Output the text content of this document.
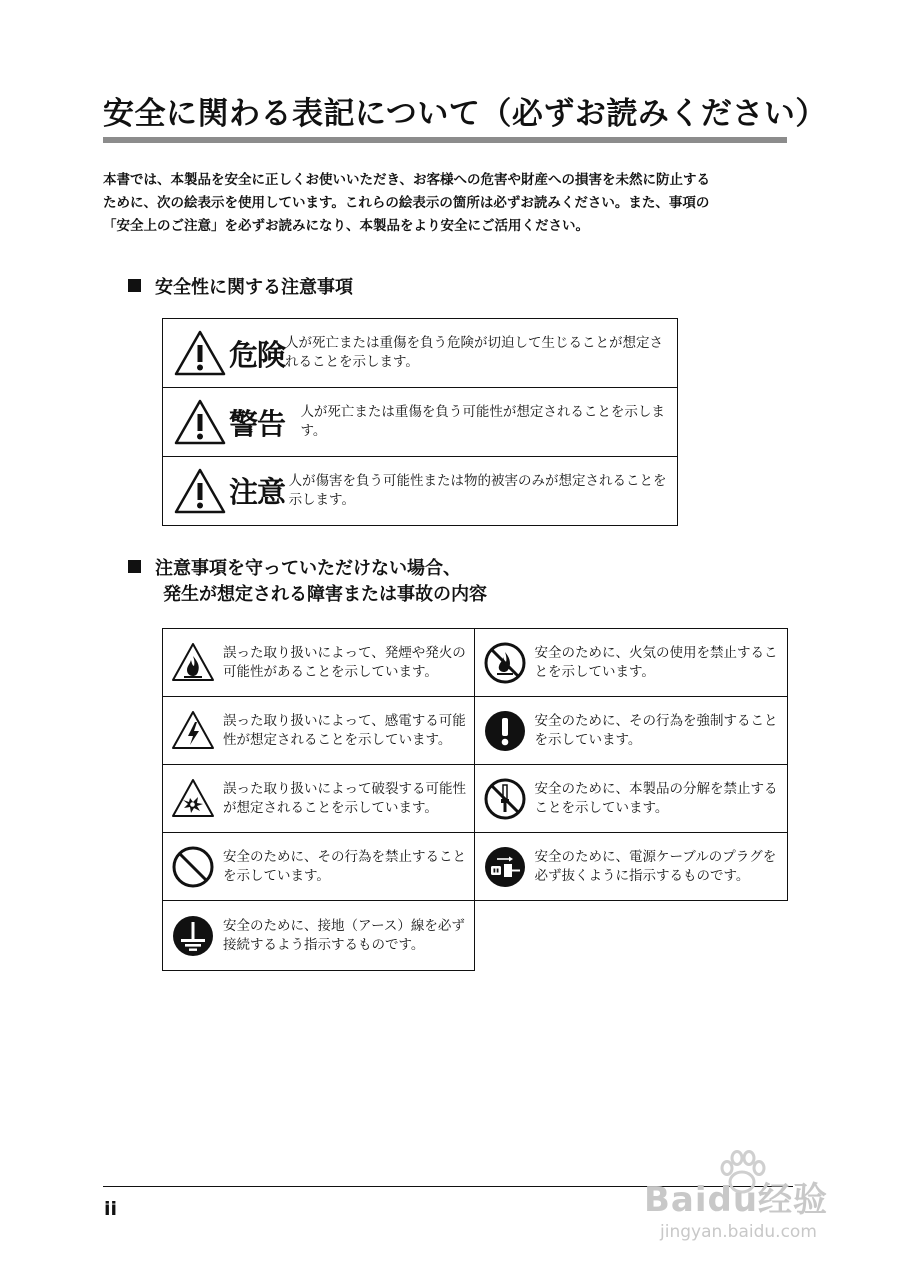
安全に関わる表記について（必ずお読みください）

本書では、本製品を安全に正しくお使いいただき、お客様への危害や財産への損害を未然に防止する

ために、次の絵表示を使用しています。これらの絵表示の箇所は必ずお読みください。また、事項の

「安全上のご注意」を必ずお読みになり、本製品をより安全にご活用ください。

安全性に関する注意事項
危険 人が死亡または重傷を負う危険が切迫して生じることが想定されることを示します。
警告 人が死亡または重傷を負う可能性が想定されることを示します。
注意 人が傷害を負う可能性または物的被害のみが想定されることを示します。
注意事項を守っていただけない場合、
発生が想定される障害または事故の内容
誤った取り扱いによって、発煙や発火の可能性があることを示しています。
安全のために、火気の使用を禁止することを示しています。
誤った取り扱いによって、感電する可能性が想定されることを示しています。
安全のために、その行為を強制することを示しています。
誤った取り扱いによって破裂する可能性が想定されることを示しています。
安全のために、本製品の分解を禁止することを示しています。
安全のために、その行為を禁止することを示しています。
安全のために、電源ケーブルのプラグを必ず抜くように指示するものです。
安全のために、接地（アース）線を必ず接続するよう指示するものです。
ii	Baidu经验
jingyan.baidu.com
